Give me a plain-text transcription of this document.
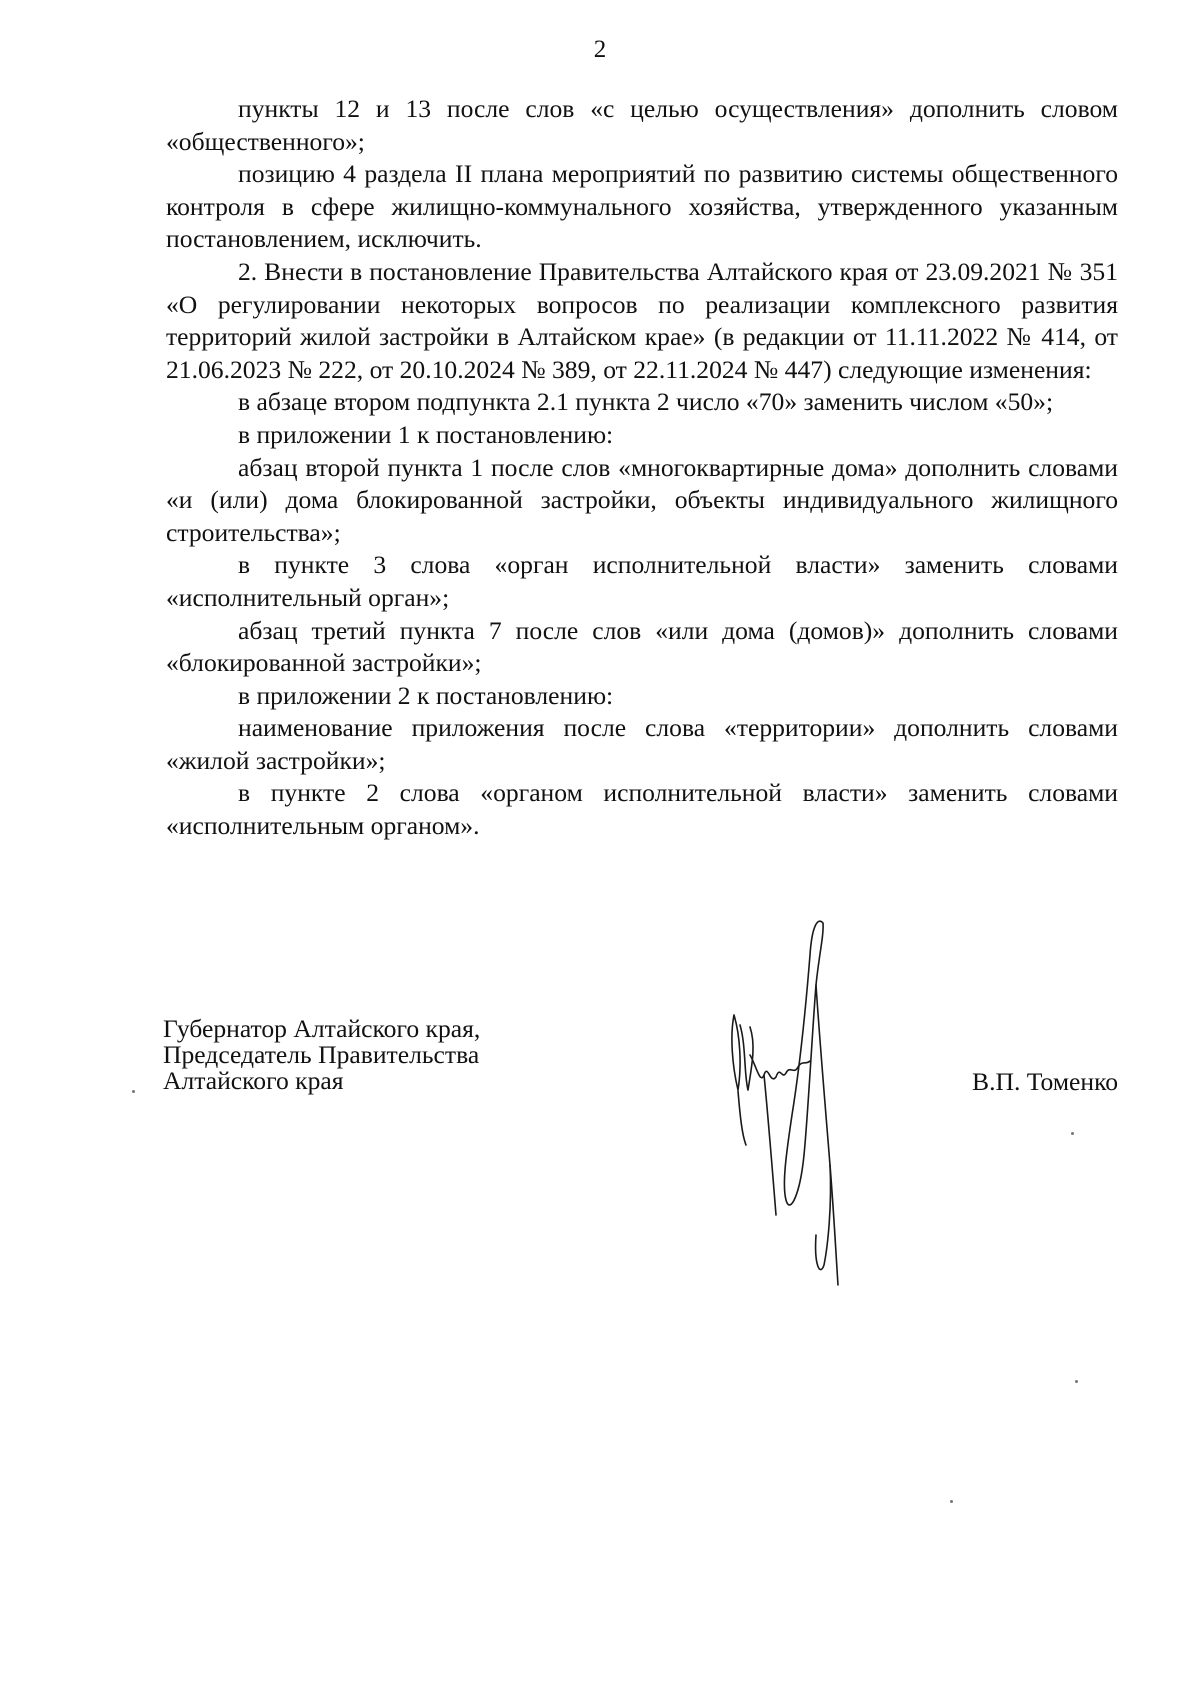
2

пункты 12 и 13 после слов «с целью осуществления» дополнить словом «общественного»;

позицию 4 раздела II плана мероприятий по развитию системы общественного контроля в сфере жилищно-коммунального хозяйства, утвержденного указанным постановлением, исключить.

2. Внести в постановление Правительства Алтайского края от 23.09.2021 № 351 «О регулировании некоторых вопросов по реализации комплексного развития территорий жилой застройки в Алтайском крае» (в редакции от 11.11.2022 № 414, от 21.06.2023 № 222, от 20.10.2024 № 389, от 22.11.2024 № 447) следующие изменения:

в абзаце втором подпункта 2.1 пункта 2 число «70» заменить числом «50»;

в приложении 1 к постановлению:

абзац второй пункта 1 после слов «многоквартирные дома» дополнить словами «и (или) дома блокированной застройки, объекты индивидуального жилищного строительства»;

в пункте 3 слова «орган исполнительной власти» заменить словами «исполнительный орган»;

абзац третий пункта 7 после слов «или дома (домов)» дополнить словами «блокированной застройки»;

в приложении 2 к постановлению:

наименование приложения после слова «территории» дополнить словами «жилой застройки»;

в пункте 2 слова «органом исполнительной власти» заменить словами «исполнительным органом».

Губернатор Алтайского края,
Председатель Правительства
Алтайского края	В.П. Томенко
